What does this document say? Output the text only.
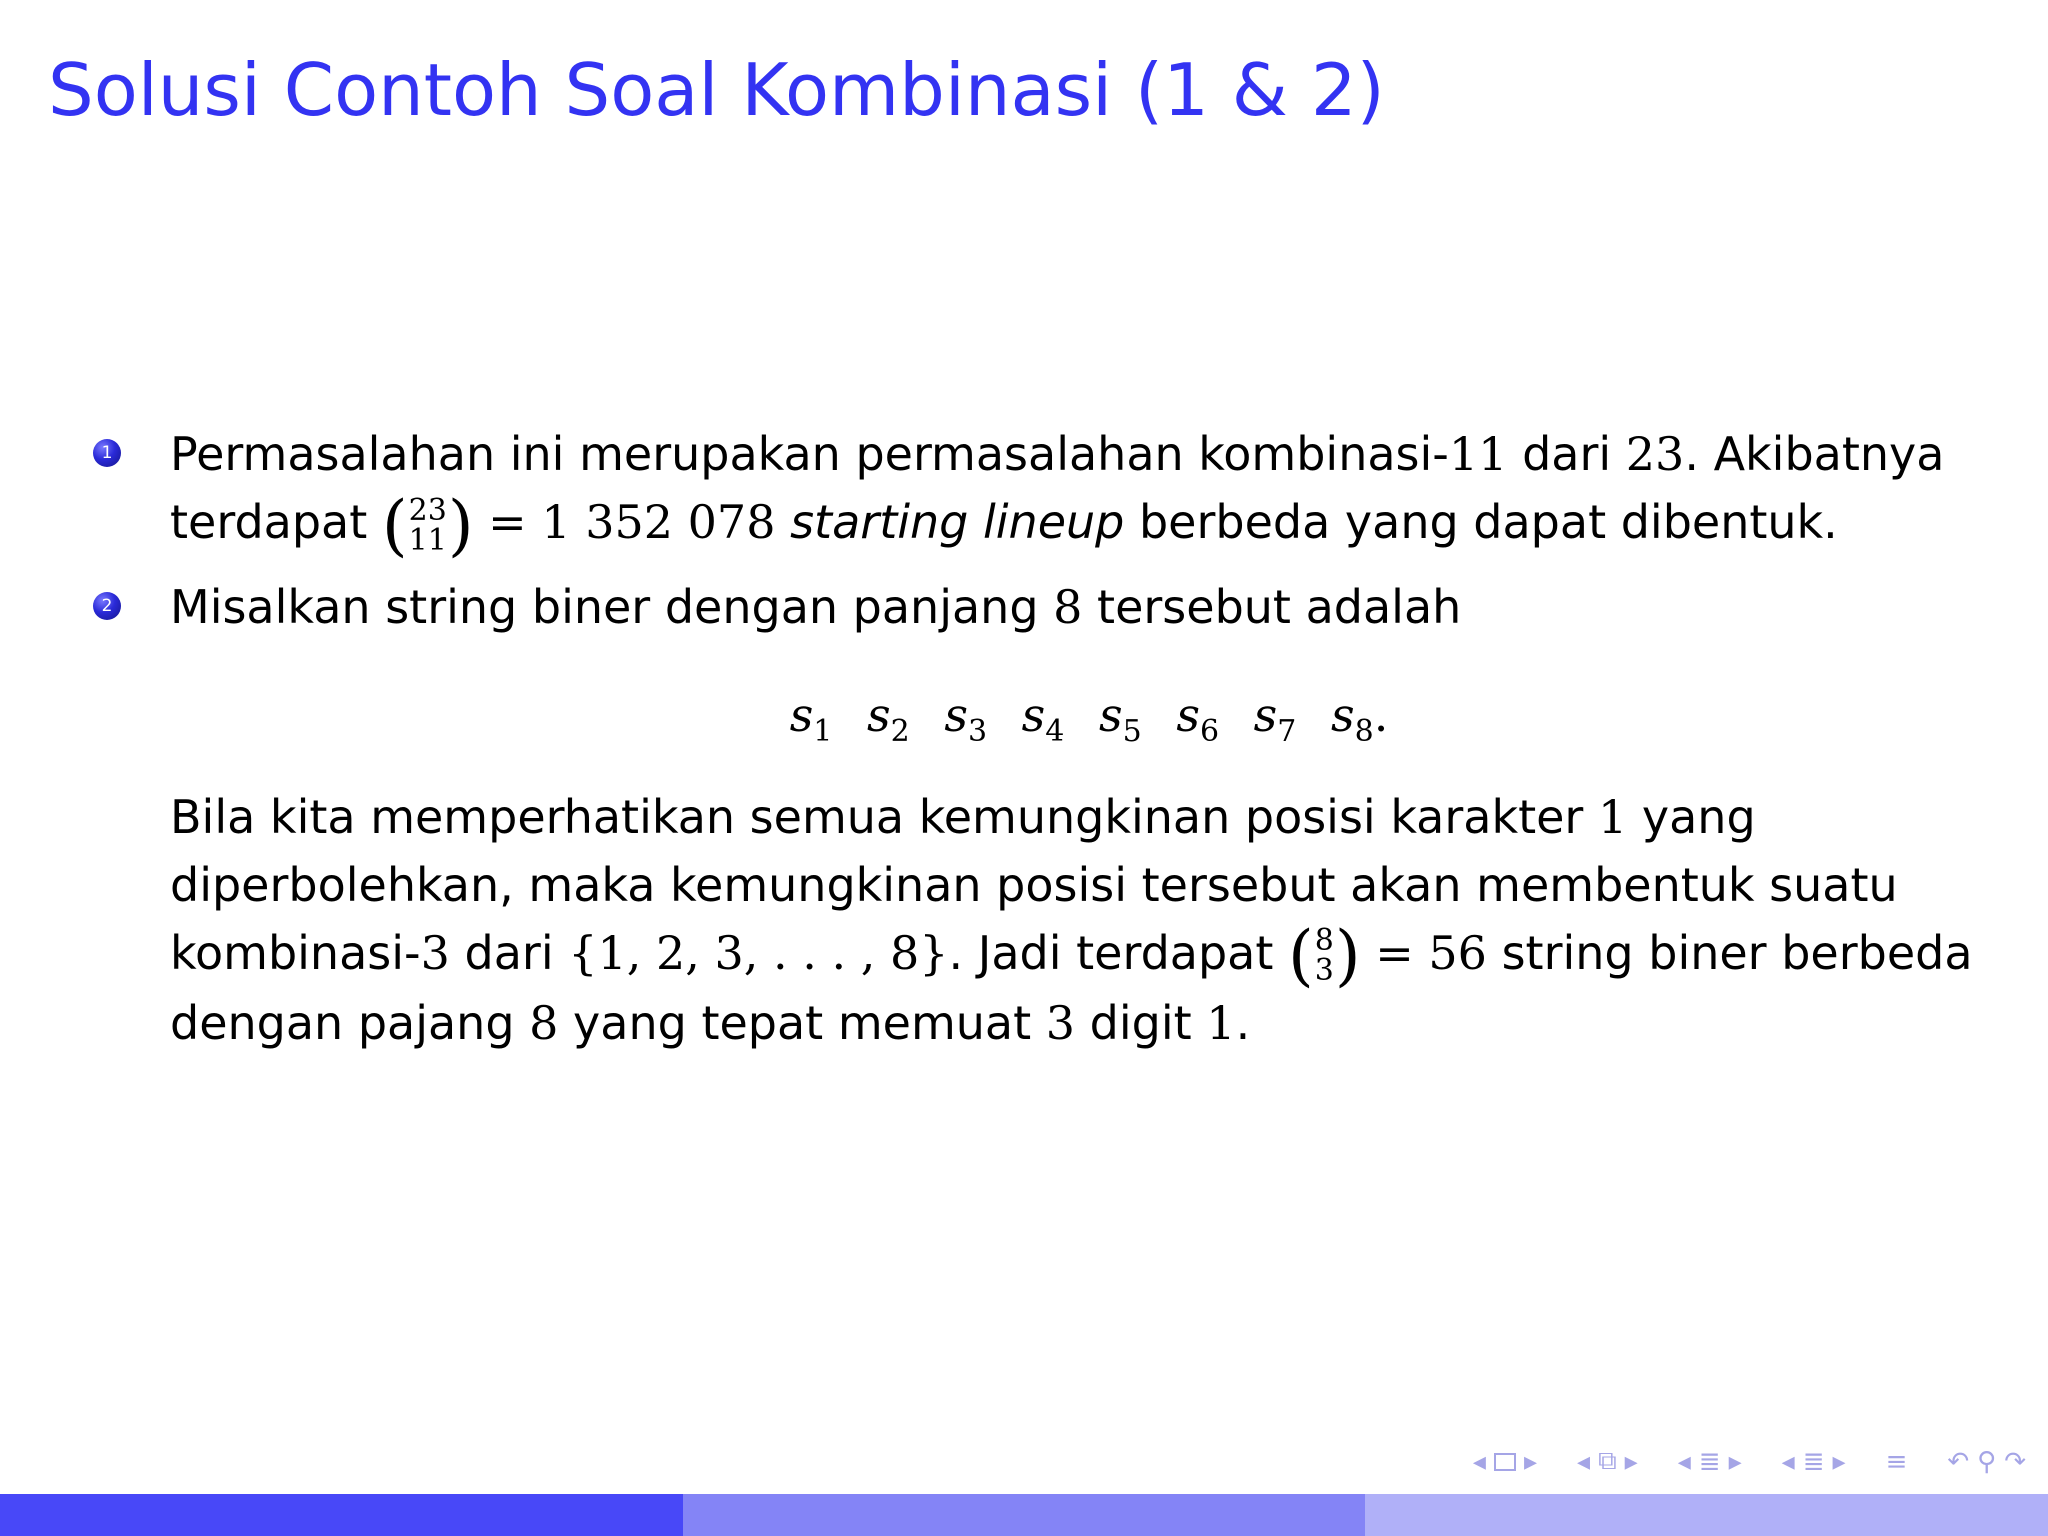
Solusi Contoh Soal Kombinasi (1 & 2)
1 Permasalahan ini merupakan permasalahan kombinasi-11 dari 23. Akibatnya
terdapat ( 23
11 ) = 1 352 078 starting lineup berbeda yang dapat dibentuk.
2 Misalkan string biner dengan panjang 8 tersebut adalah
$s_1$ $s_2$ $s_3$ $s_4$ $s_5$ $s_6$ $s_7$ $s_8$.
Bila kita memperhatikan semua kemungkinan posisi karakter 1 yang diperbolehkan, maka kemungkinan posisi tersebut akan membentuk suatu kombinasi-3 dari {1, 2, 3, . . . , 8}. Jadi terdapat ( 8
3 ) = 56 string biner berbeda dengan pajang 8 yang tepat memuat 3 digit 1.
◂ ▸ ◂ ⧉ ▸ ◂ ≣ ▸ ◂ ≣ ▸ ≡ ↶ ⚲ ↷
